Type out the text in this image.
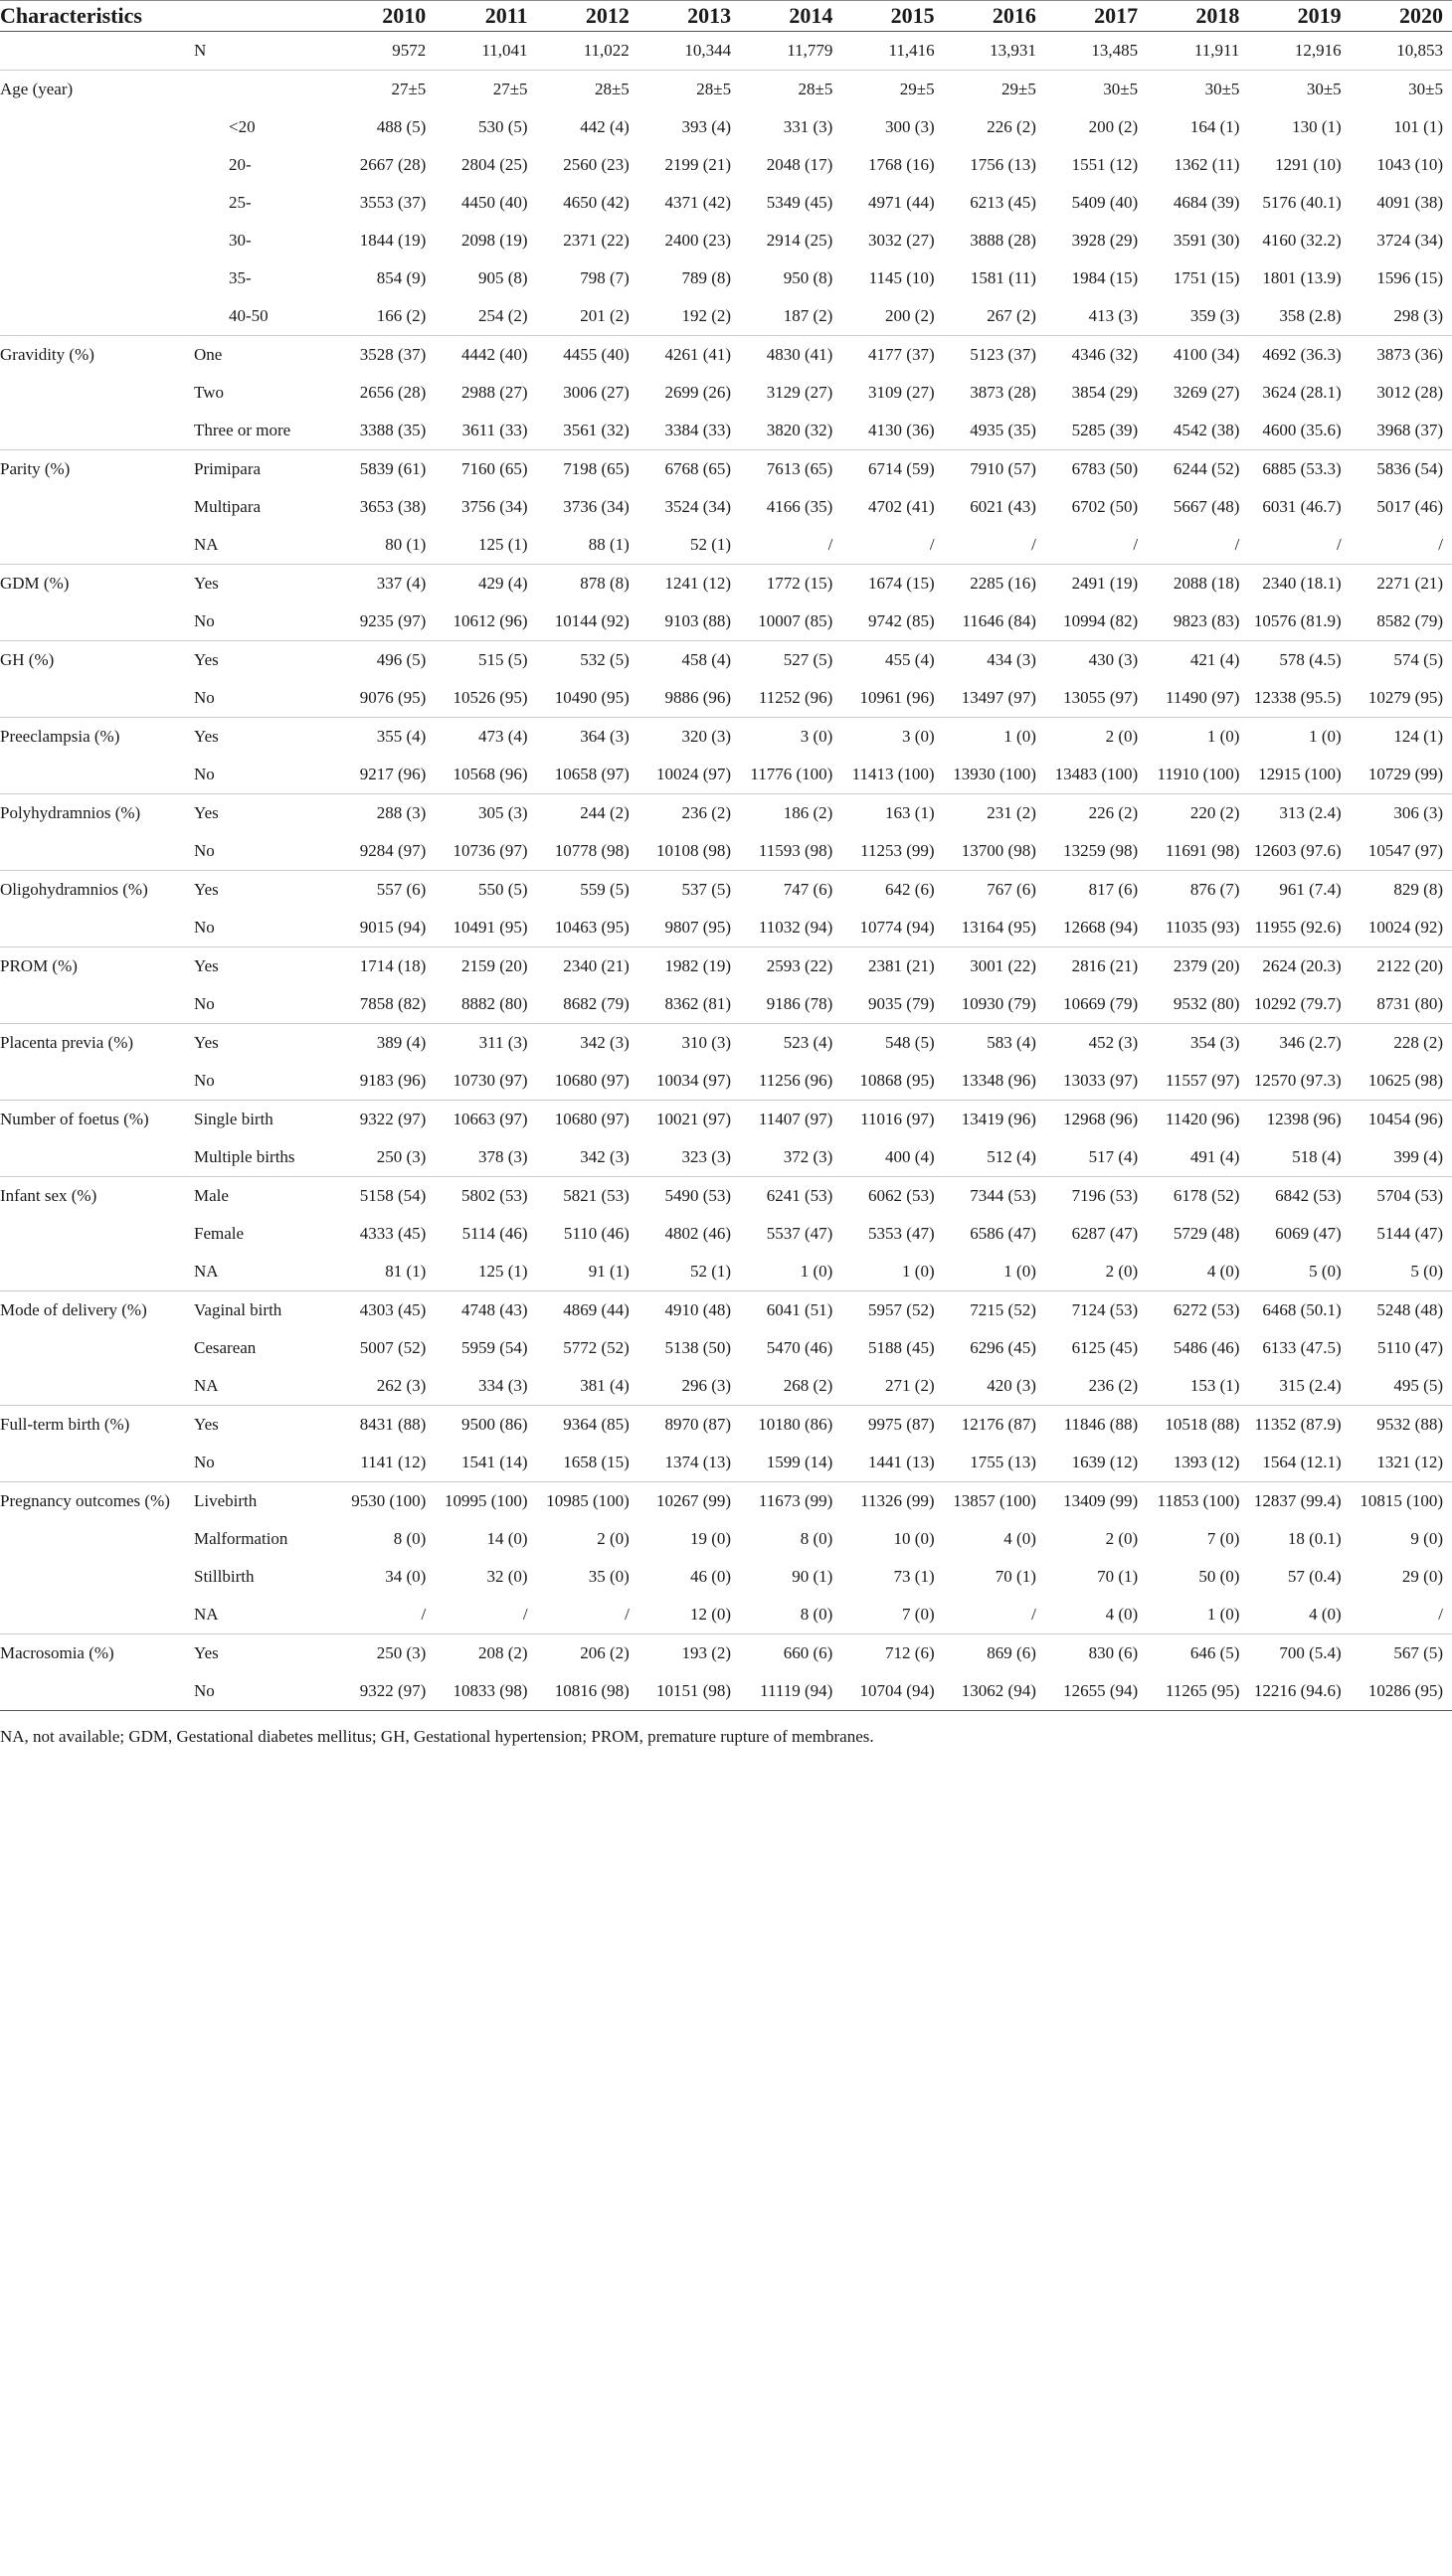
Characteristics		2010	2011	2012	2013	2014	2015	2016	2017	2018	2019	2020
	N	9572	11,041	11,022	10,344	11,779	11,416	13,931	13,485	11,911	12,916	10,853
Age (year)		27±5	27±5	28±5	28±5	28±5	29±5	29±5	30±5	30±5	30±5	30±5
	<20	488 (5)	530 (5)	442 (4)	393 (4)	331 (3)	300 (3)	226 (2)	200 (2)	164 (1)	130 (1)	101 (1)
	20-	2667 (28)	2804 (25)	2560 (23)	2199 (21)	2048 (17)	1768 (16)	1756 (13)	1551 (12)	1362 (11)	1291 (10)	1043 (10)
	25-	3553 (37)	4450 (40)	4650 (42)	4371 (42)	5349 (45)	4971 (44)	6213 (45)	5409 (40)	4684 (39)	5176 (40.1)	4091 (38)
	30-	1844 (19)	2098 (19)	2371 (22)	2400 (23)	2914 (25)	3032 (27)	3888 (28)	3928 (29)	3591 (30)	4160 (32.2)	3724 (34)
	35-	854 (9)	905 (8)	798 (7)	789 (8)	950 (8)	1145 (10)	1581 (11)	1984 (15)	1751 (15)	1801 (13.9)	1596 (15)
	40-50	166 (2)	254 (2)	201 (2)	192 (2)	187 (2)	200 (2)	267 (2)	413 (3)	359 (3)	358 (2.8)	298 (3)
Gravidity (%)	One	3528 (37)	4442 (40)	4455 (40)	4261 (41)	4830 (41)	4177 (37)	5123 (37)	4346 (32)	4100 (34)	4692 (36.3)	3873 (36)
	Two	2656 (28)	2988 (27)	3006 (27)	2699 (26)	3129 (27)	3109 (27)	3873 (28)	3854 (29)	3269 (27)	3624 (28.1)	3012 (28)
	Three or more	3388 (35)	3611 (33)	3561 (32)	3384 (33)	3820 (32)	4130 (36)	4935 (35)	5285 (39)	4542 (38)	4600 (35.6)	3968 (37)
Parity (%)	Primipara	5839 (61)	7160 (65)	7198 (65)	6768 (65)	7613 (65)	6714 (59)	7910 (57)	6783 (50)	6244 (52)	6885 (53.3)	5836 (54)
	Multipara	3653 (38)	3756 (34)	3736 (34)	3524 (34)	4166 (35)	4702 (41)	6021 (43)	6702 (50)	5667 (48)	6031 (46.7)	5017 (46)
	NA	80 (1)	125 (1)	88 (1)	52 (1)	/	/	/	/	/	/	/
GDM (%)	Yes	337 (4)	429 (4)	878 (8)	1241 (12)	1772 (15)	1674 (15)	2285 (16)	2491 (19)	2088 (18)	2340 (18.1)	2271 (21)
	No	9235 (97)	10612 (96)	10144 (92)	9103 (88)	10007 (85)	9742 (85)	11646 (84)	10994 (82)	9823 (83)	10576 (81.9)	8582 (79)
GH (%)	Yes	496 (5)	515 (5)	532 (5)	458 (4)	527 (5)	455 (4)	434 (3)	430 (3)	421 (4)	578 (4.5)	574 (5)
	No	9076 (95)	10526 (95)	10490 (95)	9886 (96)	11252 (96)	10961 (96)	13497 (97)	13055 (97)	11490 (97)	12338 (95.5)	10279 (95)
Preeclampsia (%)	Yes	355 (4)	473 (4)	364 (3)	320 (3)	3 (0)	3 (0)	1 (0)	2 (0)	1 (0)	1 (0)	124 (1)
	No	9217 (96)	10568 (96)	10658 (97)	10024 (97)	11776 (100)	11413 (100)	13930 (100)	13483 (100)	11910 (100)	12915 (100)	10729 (99)
Polyhydramnios (%)	Yes	288 (3)	305 (3)	244 (2)	236 (2)	186 (2)	163 (1)	231 (2)	226 (2)	220 (2)	313 (2.4)	306 (3)
	No	9284 (97)	10736 (97)	10778 (98)	10108 (98)	11593 (98)	11253 (99)	13700 (98)	13259 (98)	11691 (98)	12603 (97.6)	10547 (97)
Oligohydramnios (%)	Yes	557 (6)	550 (5)	559 (5)	537 (5)	747 (6)	642 (6)	767 (6)	817 (6)	876 (7)	961 (7.4)	829 (8)
	No	9015 (94)	10491 (95)	10463 (95)	9807 (95)	11032 (94)	10774 (94)	13164 (95)	12668 (94)	11035 (93)	11955 (92.6)	10024 (92)
PROM (%)	Yes	1714 (18)	2159 (20)	2340 (21)	1982 (19)	2593 (22)	2381 (21)	3001 (22)	2816 (21)	2379 (20)	2624 (20.3)	2122 (20)
	No	7858 (82)	8882 (80)	8682 (79)	8362 (81)	9186 (78)	9035 (79)	10930 (79)	10669 (79)	9532 (80)	10292 (79.7)	8731 (80)
Placenta previa (%)	Yes	389 (4)	311 (3)	342 (3)	310 (3)	523 (4)	548 (5)	583 (4)	452 (3)	354 (3)	346 (2.7)	228 (2)
	No	9183 (96)	10730 (97)	10680 (97)	10034 (97)	11256 (96)	10868 (95)	13348 (96)	13033 (97)	11557 (97)	12570 (97.3)	10625 (98)
Number of foetus (%)	Single birth	9322 (97)	10663 (97)	10680 (97)	10021 (97)	11407 (97)	11016 (97)	13419 (96)	12968 (96)	11420 (96)	12398 (96)	10454 (96)
	Multiple births	250 (3)	378 (3)	342 (3)	323 (3)	372 (3)	400 (4)	512 (4)	517 (4)	491 (4)	518 (4)	399 (4)
Infant sex (%)	Male	5158 (54)	5802 (53)	5821 (53)	5490 (53)	6241 (53)	6062 (53)	7344 (53)	7196 (53)	6178 (52)	6842 (53)	5704 (53)
	Female	4333 (45)	5114 (46)	5110 (46)	4802 (46)	5537 (47)	5353 (47)	6586 (47)	6287 (47)	5729 (48)	6069 (47)	5144 (47)
	NA	81 (1)	125 (1)	91 (1)	52 (1)	1 (0)	1 (0)	1 (0)	2 (0)	4 (0)	5 (0)	5 (0)
Mode of delivery (%)	Vaginal birth	4303 (45)	4748 (43)	4869 (44)	4910 (48)	6041 (51)	5957 (52)	7215 (52)	7124 (53)	6272 (53)	6468 (50.1)	5248 (48)
	Cesarean	5007 (52)	5959 (54)	5772 (52)	5138 (50)	5470 (46)	5188 (45)	6296 (45)	6125 (45)	5486 (46)	6133 (47.5)	5110 (47)
	NA	262 (3)	334 (3)	381 (4)	296 (3)	268 (2)	271 (2)	420 (3)	236 (2)	153 (1)	315 (2.4)	495 (5)
Full-term birth (%)	Yes	8431 (88)	9500 (86)	9364 (85)	8970 (87)	10180 (86)	9975 (87)	12176 (87)	11846 (88)	10518 (88)	11352 (87.9)	9532 (88)
	No	1141 (12)	1541 (14)	1658 (15)	1374 (13)	1599 (14)	1441 (13)	1755 (13)	1639 (12)	1393 (12)	1564 (12.1)	1321 (12)
Pregnancy outcomes (%)	Livebirth	9530 (100)	10995 (100)	10985 (100)	10267 (99)	11673 (99)	11326 (99)	13857 (100)	13409 (99)	11853 (100)	12837 (99.4)	10815 (100)
	Malformation	8 (0)	14 (0)	2 (0)	19 (0)	8 (0)	10 (0)	4 (0)	2 (0)	7 (0)	18 (0.1)	9 (0)
	Stillbirth	34 (0)	32 (0)	35 (0)	46 (0)	90 (1)	73 (1)	70 (1)	70 (1)	50 (0)	57 (0.4)	29 (0)
	NA	/	/	/	12 (0)	8 (0)	7 (0)	/	4 (0)	1 (0)	4 (0)	/
Macrosomia (%)	Yes	250 (3)	208 (2)	206 (2)	193 (2)	660 (6)	712 (6)	869 (6)	830 (6)	646 (5)	700 (5.4)	567 (5)
	No	9322 (97)	10833 (98)	10816 (98)	10151 (98)	11119 (94)	10704 (94)	13062 (94)	12655 (94)	11265 (95)	12216 (94.6)	10286 (95)
NA, not available; GDM, Gestational diabetes mellitus; GH, Gestational hypertension; PROM, premature rupture of membranes.
